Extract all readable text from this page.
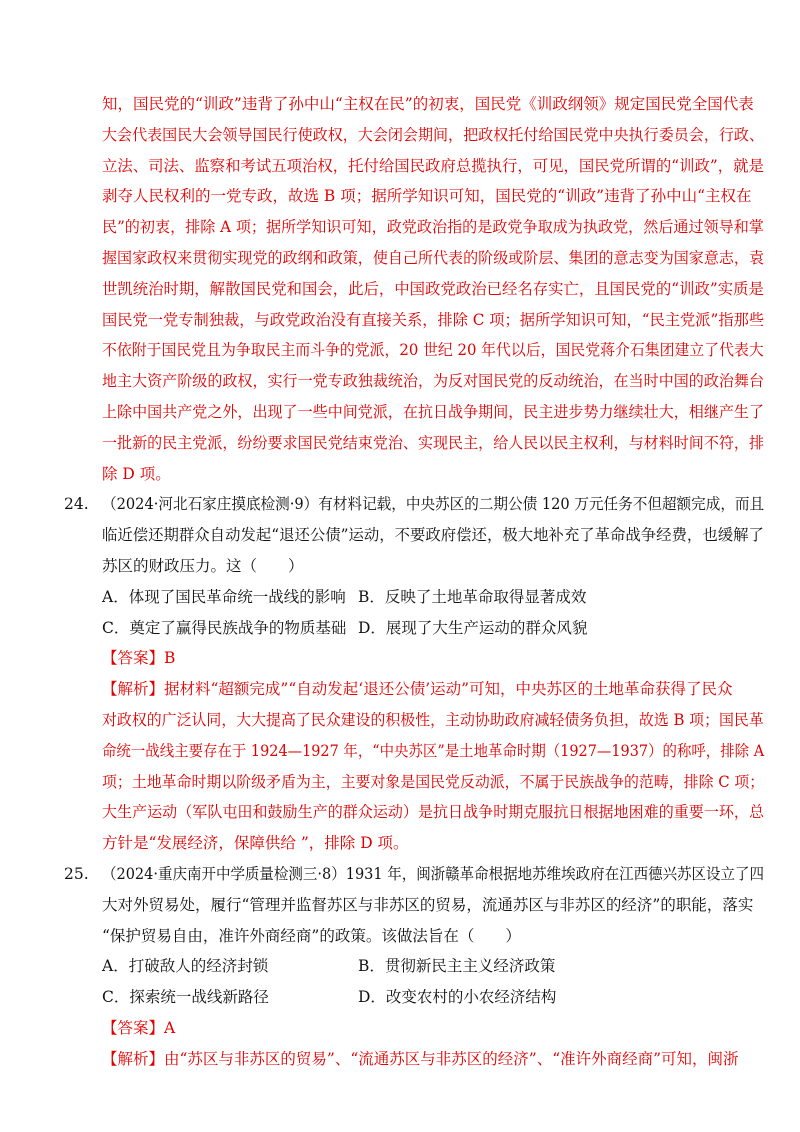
知，国民党的“训政”违背了孙中山“主权在民”的初衷，国民党《训政纲领》规定国民党全国代表
大会代表国民大会领导国民行使政权，大会闭会期间，把政权托付给国民党中央执行委员会，行政、
立法、司法、监察和考试五项治权，托付给国民政府总揽执行，可见，国民党所谓的“训政”，就是
剥夺人民权利的一党专政，故选 B 项；据所学知识可知，国民党的“训政”违背了孙中山“主权在
民”的初衷，排除 A 项；据所学知识可知，政党政治指的是政党争取成为执政党，然后通过领导和掌
握国家政权来贯彻实现党的政纲和政策，使自己所代表的阶级或阶层、集团的意志变为国家意志，袁
世凯统治时期，解散国民党和国会，此后，中国政党政治已经名存实亡，且国民党的“训政”实质是
国民党一党专制独裁，与政党政治没有直接关系，排除 C 项；据所学知识可知，“民主党派”指那些
不依附于国民党且为争取民主而斗争的党派，20 世纪 20 年代以后，国民党蒋介石集团建立了代表大
地主大资产阶级的政权，实行一党专政独裁统治，为反对国民党的反动统治，在当时中国的政治舞台
上除中国共产党之外，出现了一些中间党派，在抗日战争期间，民主进步势力继续壮大，相继产生了
一批新的民主党派，纷纷要求国民党结束党治、实现民主，给人民以民主权利，与材料时间不符，排
除 D 项。
24. （2024·河北石家庄摸底检测·9）有材料记载，中央苏区的二期公债 120 万元任务不但超额完成，而且
临近偿还期群众自动发起“退还公债”运动，不要政府偿还，极大地补充了革命战争经费，也缓解了
苏区的财政压力。这（　　）
A．体现了国民革命统一战线的影响 B．反映了土地革命取得显著成效
C．奠定了赢得民族战争的物质基础 D．展现了大生产运动的群众风貌
【答案】B
【解析】据材料“超额完成”“自动发起‘退还公债’运动”可知，中央苏区的土地革命获得了民众
对政权的广泛认同，大大提高了民众建设的积极性，主动协助政府减轻债务负担，故选 B 项；国民革
命统一战线主要存在于 1924—1927 年，“中央苏区”是土地革命时期（1927—1937）的称呼，排除 A
项；土地革命时期以阶级矛盾为主，主要对象是国民党反动派，不属于民族战争的范畴，排除 C 项；
大生产运动（军队屯田和鼓励生产的群众运动）是抗日战争时期克服抗日根据地困难的重要一环，总
方针是“发展经济，保障供给 ”，排除 D 项。
25. （2024·重庆南开中学质量检测三·8）1931 年，闽浙赣革命根据地苏维埃政府在江西德兴苏区设立了四
大对外贸易处，履行“管理并监督苏区与非苏区的贸易，流通苏区与非苏区的经济”的职能，落实
“保护贸易自由，准许外商经商”的政策。该做法旨在（　　）
A．打破敌人的经济封锁	B．贯彻新民主主义经济政策
C．探索统一战线新路径	D．改变农村的小农经济结构
【答案】A
【解析】由“苏区与非苏区的贸易”、“流通苏区与非苏区的经济”、“准许外商经商”可知，闽浙
